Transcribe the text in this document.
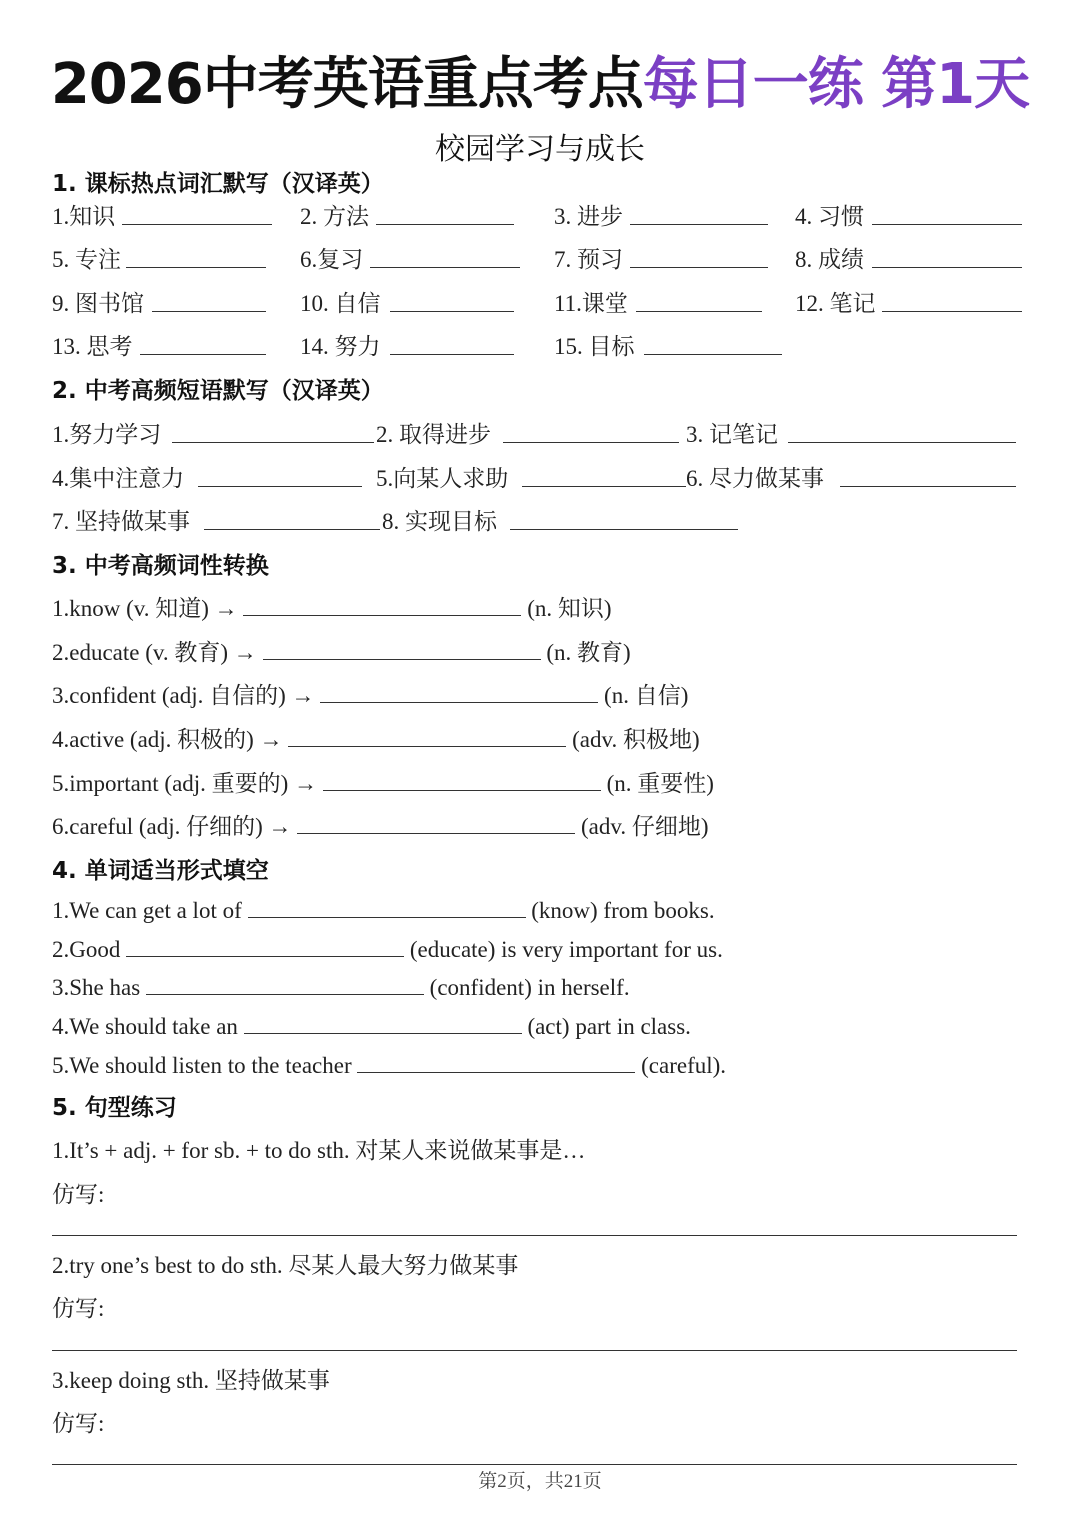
2026中考英语重点考点每日一练 第1天
校园学习与成长
1. 课标热点词汇默写（汉译英）
1.知识	2. 方法	3. 进步	4. 习惯
5. 专注	6.复习	7. 预习	8. 成绩
9. 图书馆	10. 自信	11.课堂	12. 笔记
13. 思考	14. 努力	15. 目标
2. 中考高频短语默写（汉译英）
1.努力学习	2. 取得进步	3. 记笔记
4.集中注意力	5.向某人求助	6. 尽力做某事
7. 坚持做某事	8. 实现目标
3. 中考高频词性转换
1.know (v. 知道) →	(n. 知识)
2.educate (v. 教育) →	(n. 教育)
3.confident (adj. 自信的) →	(n. 自信)
4.active (adj. 积极的) →	(adv. 积极地)
5.important (adj. 重要的) →	(n. 重要性)
6.careful (adj. 仔细的) →	(adv. 仔细地)
4. 单词适当形式填空
1.We can get a lot of	(know) from books.
2.Good	(educate) is very important for us.
3.She has	(confident) in herself.
4.We should take an	(act) part in class.
5.We should listen to the teacher	(careful).
5. 句型练习
1.It’s + adj. + for sb. + to do sth. 对某人来说做某事是…
仿写:
2.try one’s best to do sth. 尽某人最大努力做某事
仿写:
3.keep doing sth. 坚持做某事
仿写:
第2页，共21页
